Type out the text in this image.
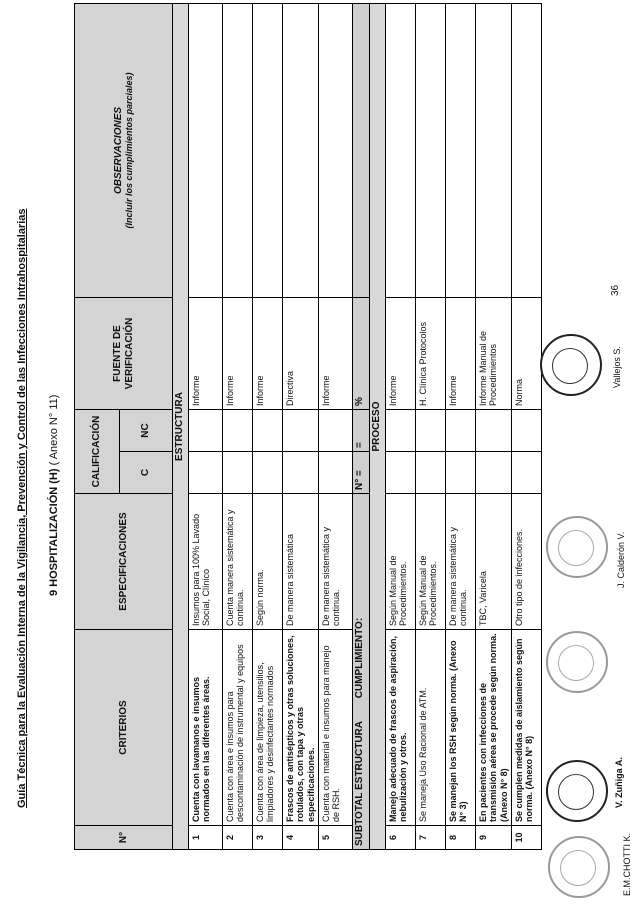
Guía Técnica para la Evaluación Interna de la Vigilancia, Prevención y Control de las Infecciones Intrahospitalarias 9 HOSPITALIZACIÓN (H) ( Anexo N° 11)
N°	CRITERIOS	ESPECIFICACIONES	CALIFICACIÓN		FUENTE DE VERIFICACIÓN	OBSERVACIONES (Incluir los cumplimientos parciales)

			C	NC		
ESTRUCTURA						
1	Cuenta con lavamanos e insumos normados en las diferentes áreas.	Insumos para 100% Lavado Social, Clínico			Informe	
2	Cuenta con área e insumos para descontaminación de instrumental y equipos	Cuenta manera sistemática y continua.			Informe	
3	Cuenta con área de limpieza, utensilios, limpiadores y desinfectantes normados	Según norma.			Informe	
4	Frascos de antisépticos y otras soluciones, rotulados, con tapa y otras especificaciones.	De manera sistemática			Directiva	
5	Cuenta con material e insumos para manejo de RSH.	De manera sistemática y continua.			Informe	
SUBTOTAL ESTRUCTURA CUMPLIMIENTO:			N° =	=	%	
PROCESO						
6	Manejo adecuado de frascos de aspiración, nebulización y otros.	Según Manual de Procedimientos.			Informe	
7	Se maneja Uso Racional de ATM.	Según Manual de Procedimientos.			H. Clínica Protocolos	
8	Se manejan los RSH según norma. (Anexo N° 3)	De manera sistemática y continua.			Informe	
9	En pacientes con infecciones de transmisión aérea se procede según norma. (Anexo N° 8)	TBC, Varicela			Informe Manual de Procedimientos	
10	Se cumplen medidas de aislamiento según norma. (Anexo N° 8)	Otro tipo de infecciones.			Norma	
36
E.M.CHOTTI K.
V. Zuñiga A.
J. Calderón V.
Vallejos S.
